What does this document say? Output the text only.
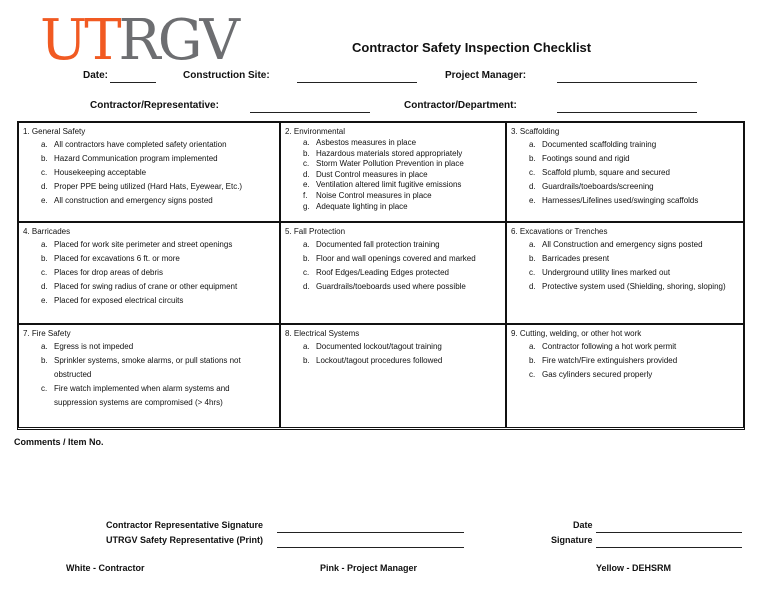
UTRGV	Contractor Safety Inspection Checklist
Date:	Construction Site:	Project Manager:
Contractor/Representative:	Contractor/Department:
1. General Safety
a. All contractors have completed safety orientation
b. Hazard Communication program implemented
c. Housekeeping acceptable
d. Proper PPE being utilized (Hard Hats, Eyewear, Etc.)
e. All construction and emergency signs posted
2. Environmental
a. Asbestos measures in place
b. Hazardous materials stored appropriately
c. Storm Water Pollution Prevention in place
d. Dust Control measures in place
e. Ventilation altered limit fugitive emissions
f.	Noise Control measures in place
g. Adequate lighting in place
3. Scaffolding
a. Documented scaffolding training
b. Footings sound and rigid
c. Scaffold plumb, square and secured
d. Guardrails/toeboards/screening
e. Harnesses/Lifelines used/swinging scaffolds
4. Barricades
a. Placed for work site perimeter and street openings
b. Placed for excavations 6 ft. or more
c. Places for drop areas of debris
d. Placed for swing radius of crane or other equipment
e. Placed for exposed electrical circuits
5. Fall Protection
a. Documented fall protection training
b. Floor and wall openings covered and marked
c. Roof Edges/Leading Edges protected
d. Guardrails/toeboards used where possible
6. Excavations or Trenches
a. All Construction and emergency signs posted
b. Barricades present
c. Underground utility lines marked out
d. Protective system used (Shielding, shoring, sloping)
7. Fire Safety
a. Egress is not impeded
b. Sprinkler systems, smoke alarms, or pull stations not obstructed
c. Fire watch implemented when alarm systems and suppression systems are compromised (> 4hrs)
8. Electrical Systems
a. Documented lockout/tagout training
b. Lockout/tagout procedures followed
9. Cutting, welding, or other hot work
a. Contractor following a hot work permit
b. Fire watch/Fire extinguishers provided
c. Gas cylinders secured properly
Comments / Item No.
Contractor Representative Signature
UTRGV Safety Representative (Print)
Date
Signature
White - Contractor	Pink - Project Manager	Yellow - DEHSRM
